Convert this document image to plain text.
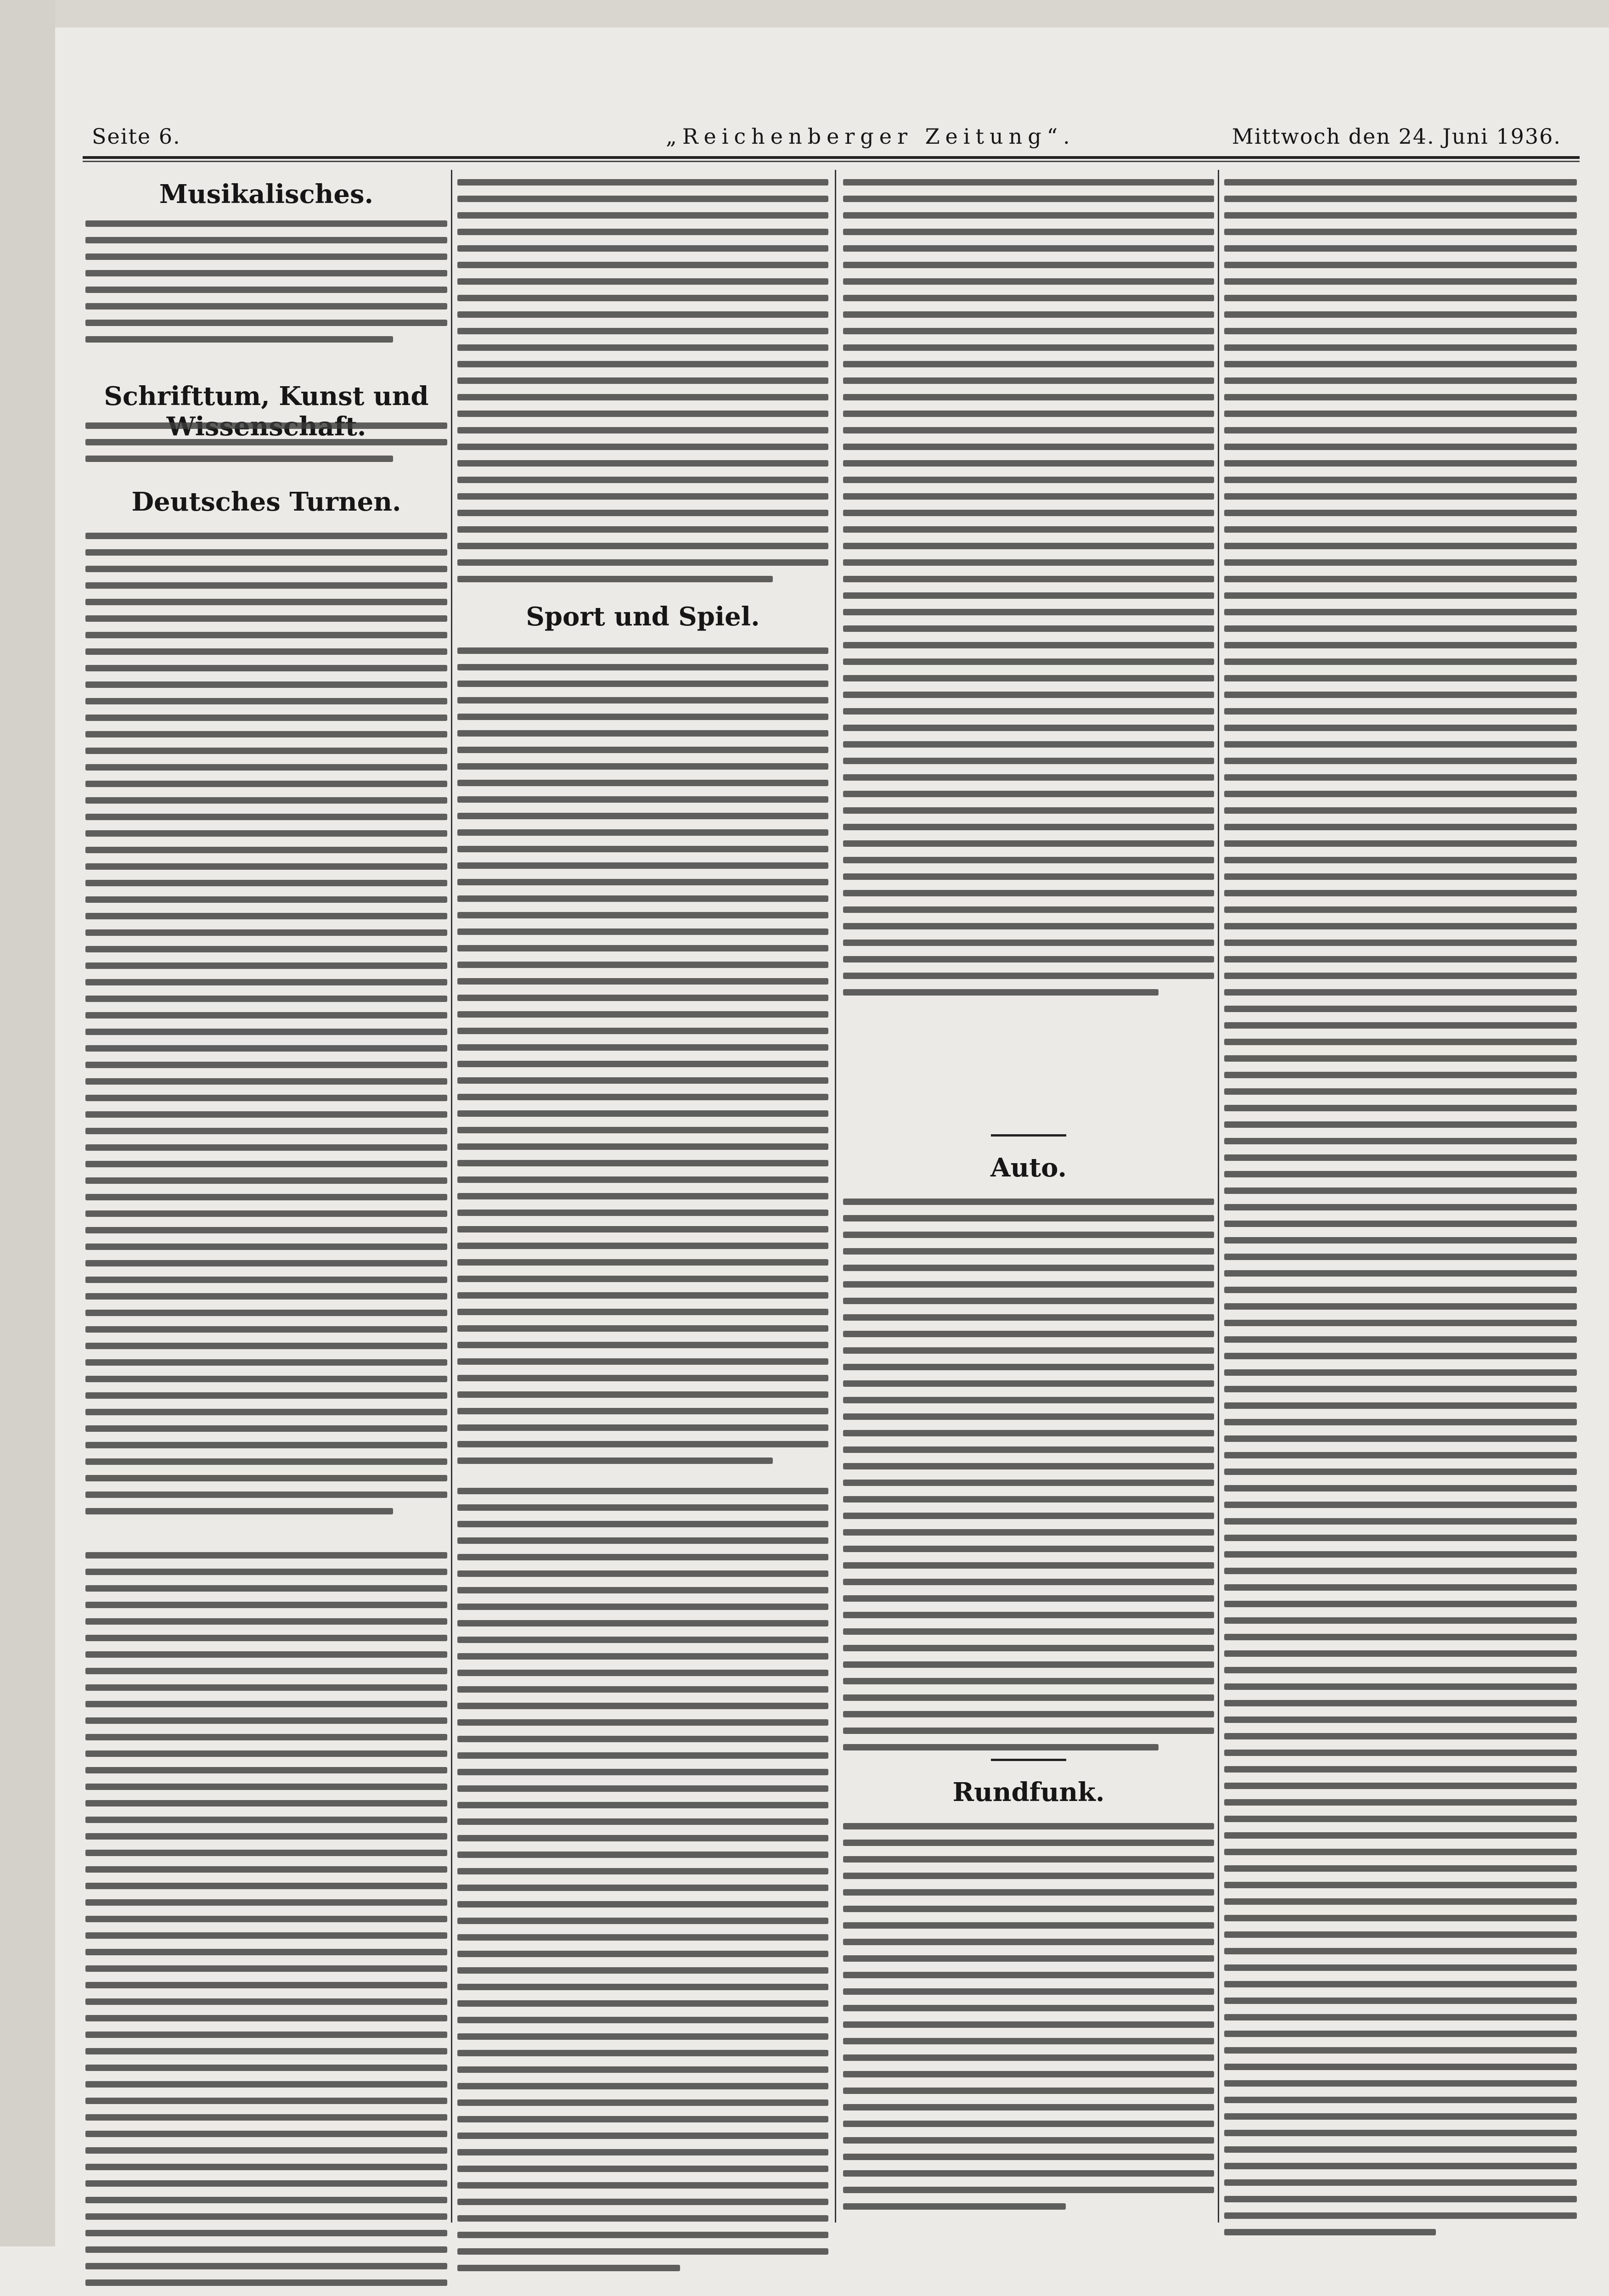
Seite 6.	„Reichenberger Zeitung“.	Mittwoch den 24. Juni 1936.
Musikalisches.
Schrifttum, Kunst und
Deutsches Turnen.
Sport und Spiel.
Auto.
Rundfunk.
